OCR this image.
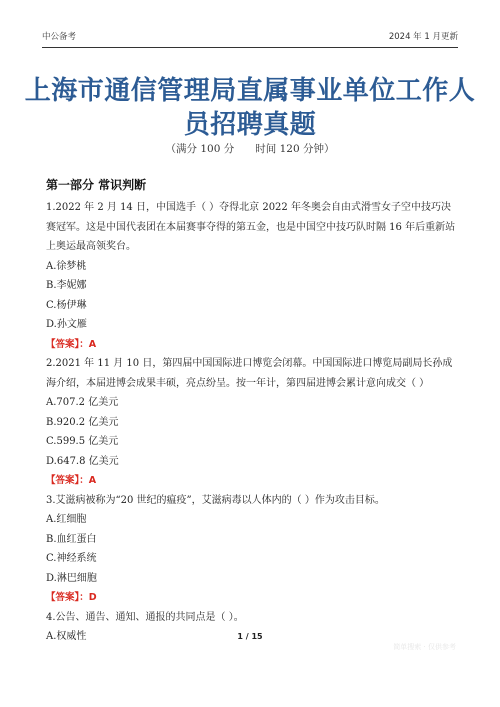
中公备考	2024 年 1 月更新
上海市通信管理局直属事业单位工作人员招聘真题
（满分 100 分　　时间 120 分钟）
第一部分 常识判断

1.2022 年 2 月 14 日，中国选手（ ）夺得北京 2022 年冬奥会自由式滑雪女子空中技巧决赛冠军。这是中国代表团在本届赛事夺得的第五金，也是中国空中技巧队时隔 16 年后重新站上奥运最高领奖台。

A.徐梦桃

B.李妮娜

C.杨伊琳

D.孙文雁

【答案】：A

2.2021 年 11 月 10 日，第四届中国国际进口博览会闭幕。中国国际进口博览局副局长孙成海介绍，本届进博会成果丰硕，亮点纷呈。按一年计，第四届进博会累计意向成交（ ）

A.707.2 亿美元

B.920.2 亿美元

C.599.5 亿美元

D.647.8 亿美元

【答案】：A

3.艾滋病被称为“20 世纪的瘟疫”，艾滋病毒以人体内的（ ）作为攻击目标。

A.红细胞

B.血红蛋白

C.神经系统

D.淋巴细胞

【答案】：D

4.公告、通告、通知、通报的共同点是（ ）。

A.权威性	1 / 15
简单搜索 · 仅供参考
